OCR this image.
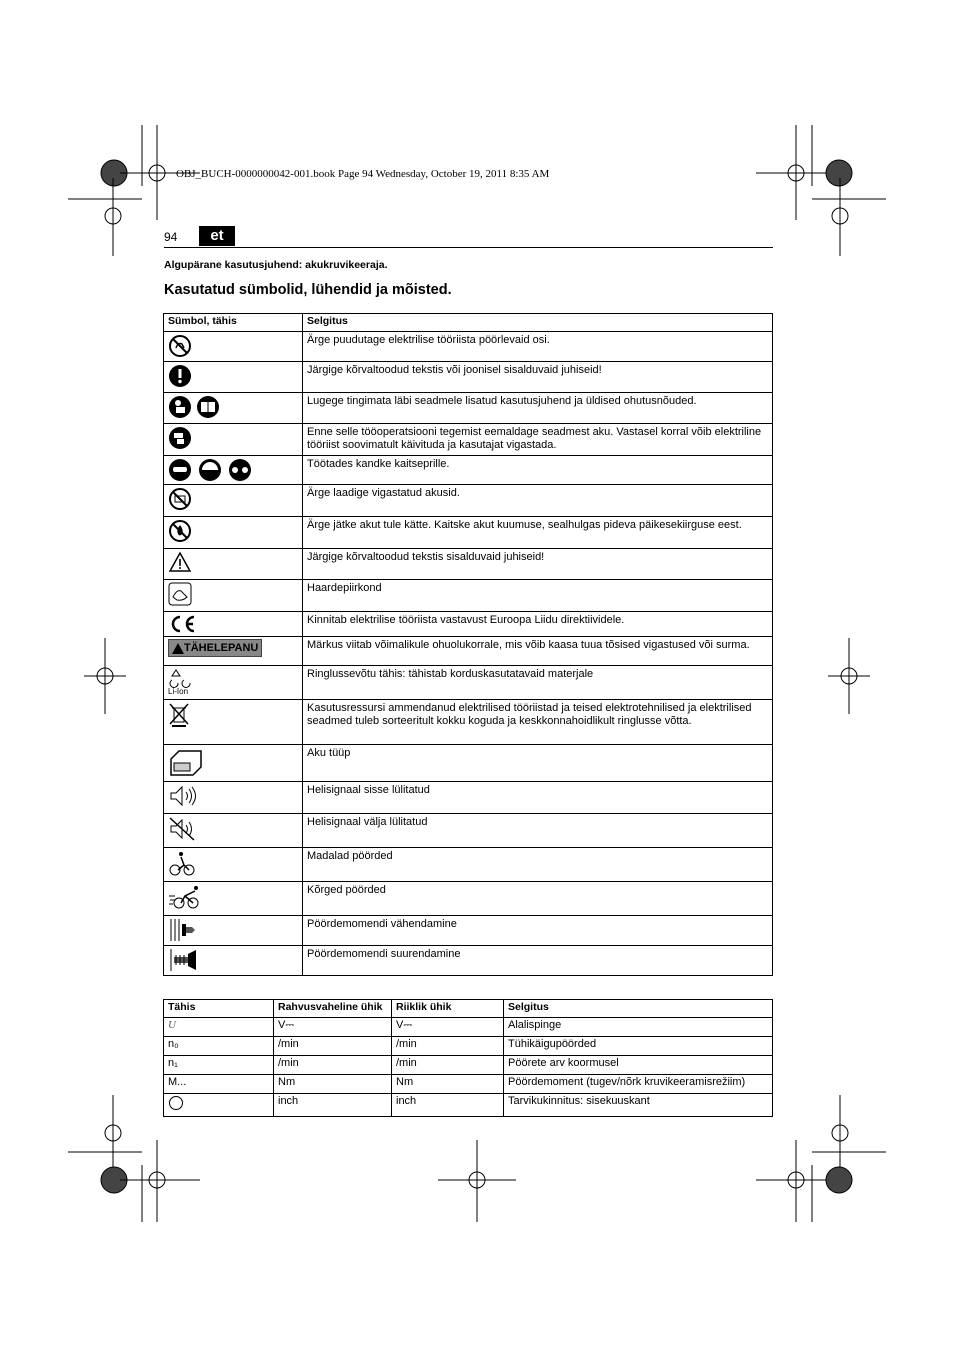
OBJ_BUCH-0000000042-001.book Page 94 Wednesday, October 19, 2011 8:35 AM
94	et
Algupärane kasutusjuhend: akukruvikeeraja.
Kasutatud sümbolid, lühendid ja mõisted.
Sümbol, tähis	Selgitus
	Ärge puudutage elektrilise tööriista pöörlevaid osi.
	Järgige kõrvaltoodud tekstis või joonisel sisalduvaid juhiseid!
	Lugege tingimata läbi seadmele lisatud kasutusjuhend ja üldised ohutusnõuded.
	Enne selle tööoperatsiooni tegemist eemaldage seadmest aku. Vastasel korral võib elektriline tööriist soovimatult käivituda ja kasutajat vigastada.
	Töötades kandke kaitseprille.
	Ärge laadige vigastatud akusid.
	Ärge jätke akut tule kätte. Kaitske akut kuumuse, sealhulgas pideva päikesekiirguse eest.
	Järgige kõrvaltoodud tekstis sisalduvaid juhiseid!
	Haardepiirkond
	Kinnitab elektrilise tööriista vastavust Euroopa Liidu direktiividele.

TÄHELEPANU	Märkus viitab võimalikule ohuolukorrale, mis võib kaasa tuua tõsised vigastused või surma.

Li-Ion	Ringlussevõtu tähis: tähistab korduskasutatavaid materjale
	Kasutusressursi ammendanud elektrilised tööriistad ja teised elektrotehnilised ja elektrilised seadmed tuleb sorteeritult kokku koguda ja keskkonnahoidlikult ringlusse võtta.
	Aku tüüp
	Helisignaal sisse lülitatud
	Helisignaal välja lülitatud
	Madalad pöörded
	Kõrged pöörded
	Pöördemomendi vähendamine
	Pöördemomendi suurendamine
Tähis	Rahvusvaheline ühik	Riiklik ühik	Selgitus
U	V⎓	V⎓	Alalispinge
n₀	/min	/min	Tühikäigupöörded
n₁	/min	/min	Pöörete arv koormusel
M...	Nm	Nm	Pöördemoment (tugev/nõrk kruvikeeramisrežiim)
	inch	inch	Tarvikukinnitus: sisekuuskant
